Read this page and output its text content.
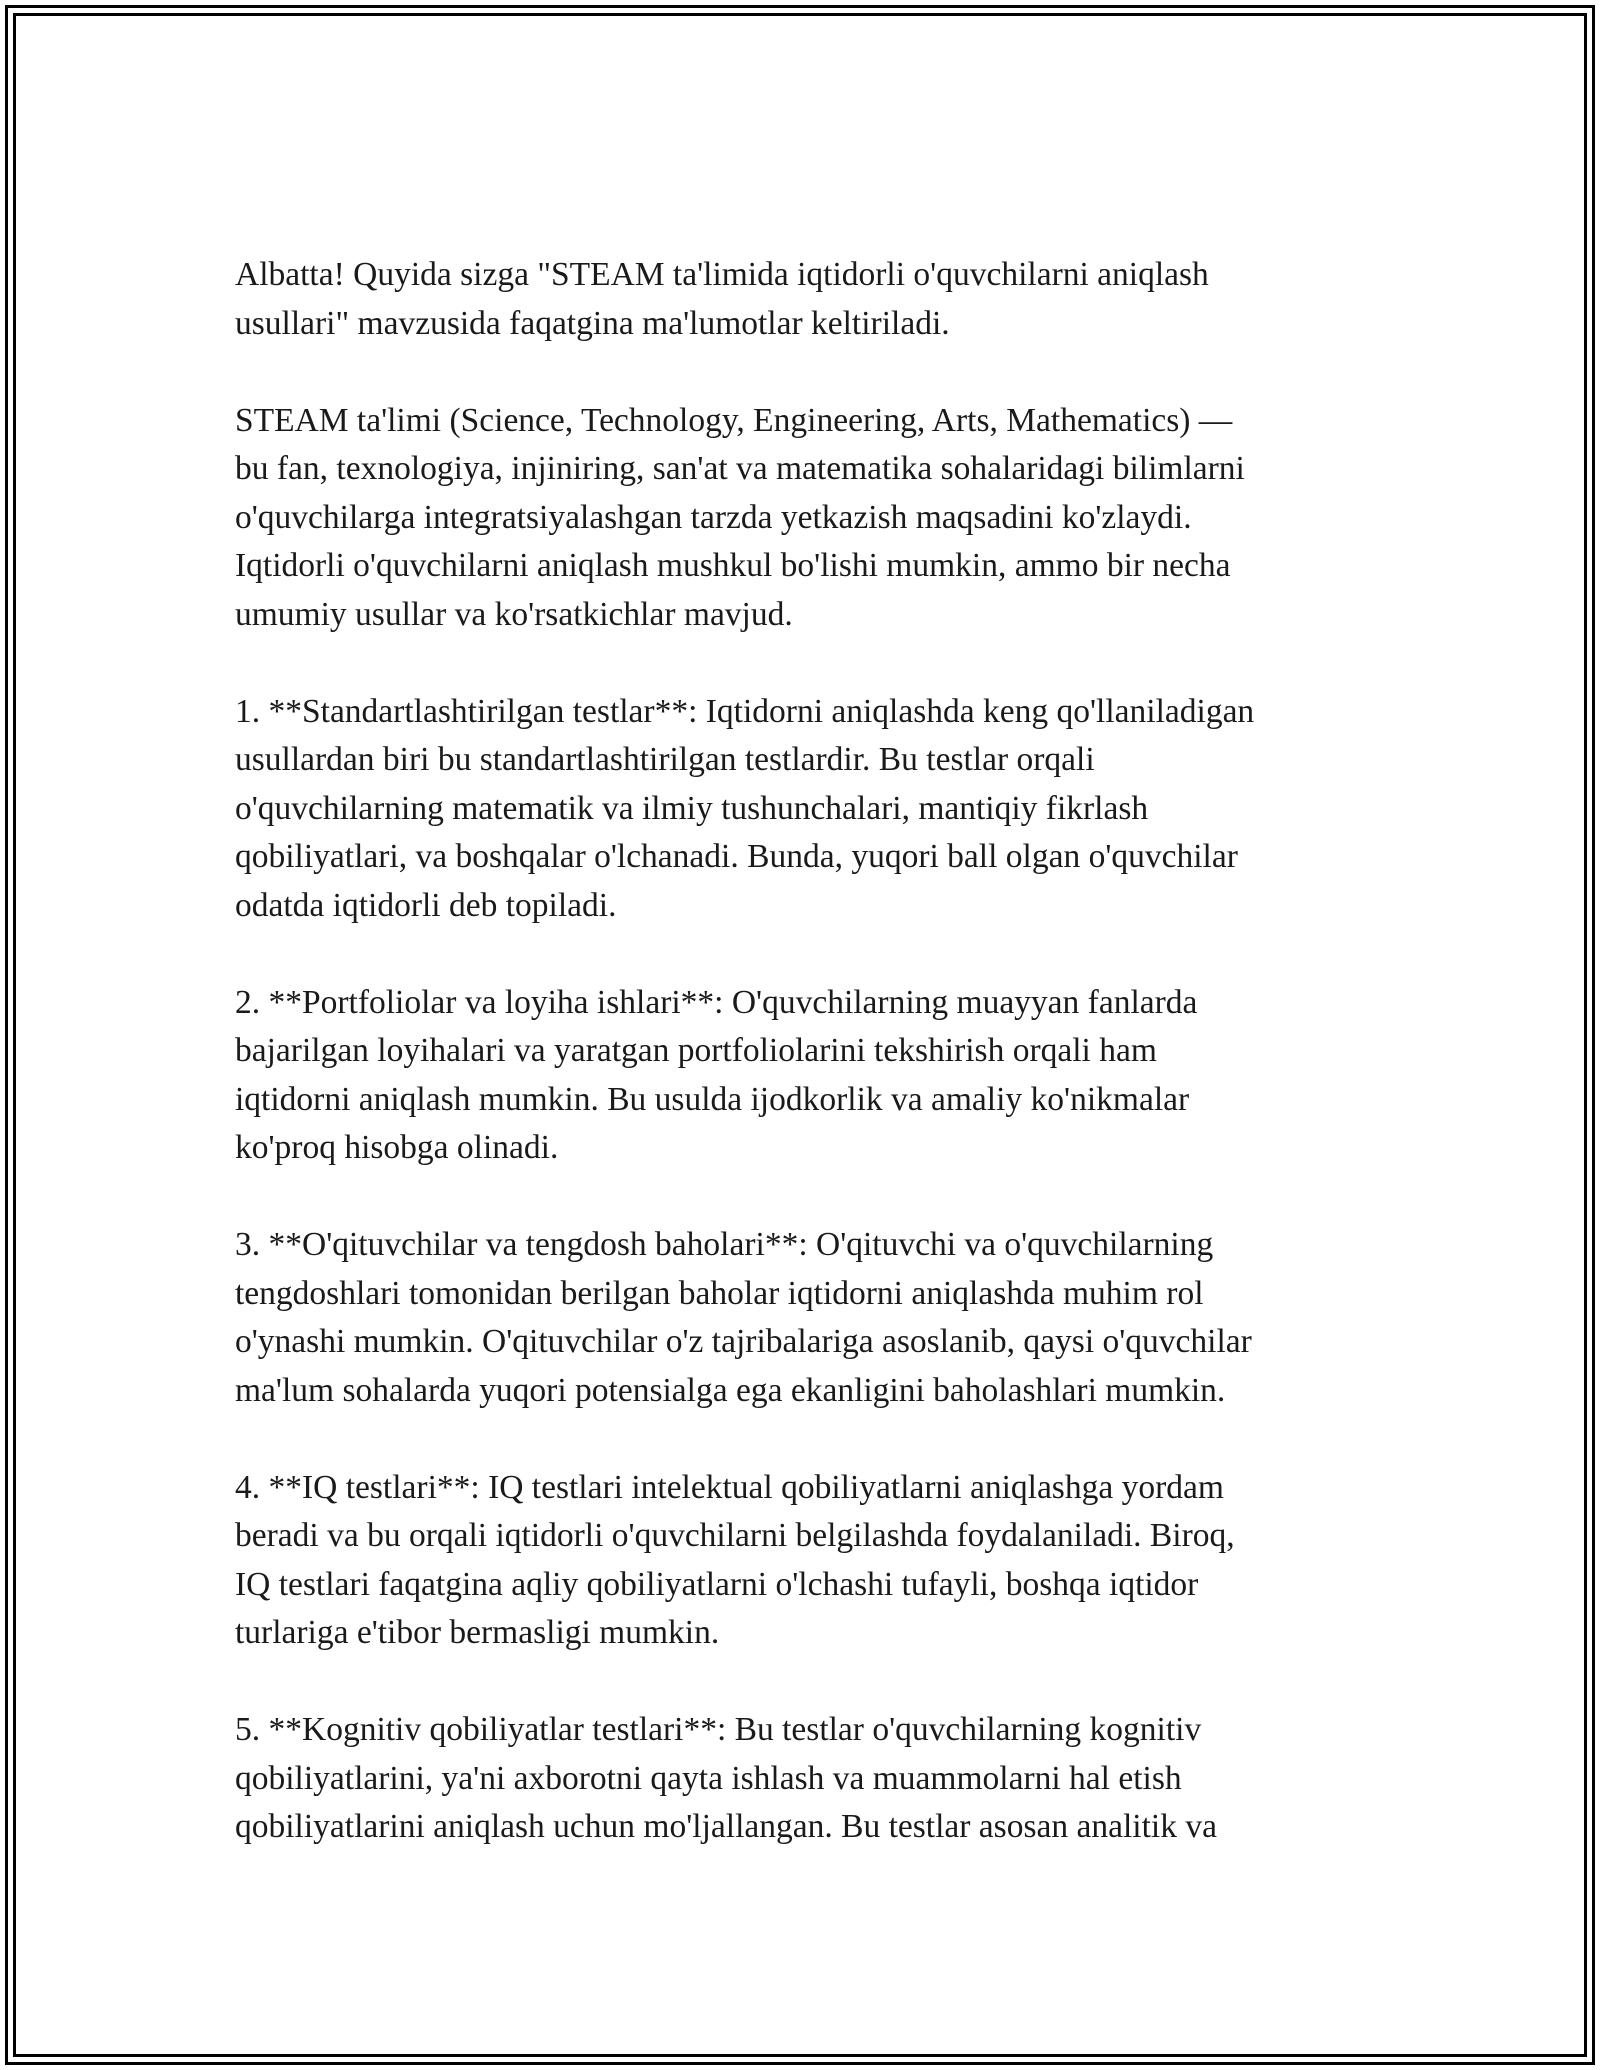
Albatta! Quyida sizga "STEAM ta'limida iqtidorli o'quvchilarni aniqlash
usullari" mavzusida faqatgina ma'lumotlar keltiriladi.

STEAM ta'limi (Science, Technology, Engineering, Arts, Mathematics) —
bu fan, texnologiya, injiniring, san'at va matematika sohalaridagi bilimlarni
o'quvchilarga integratsiyalashgan tarzda yetkazish maqsadini ko'zlaydi.
Iqtidorli o'quvchilarni aniqlash mushkul bo'lishi mumkin, ammo bir necha
umumiy usullar va ko'rsatkichlar mavjud.

1. **Standartlashtirilgan testlar**: Iqtidorni aniqlashda keng qo'llaniladigan
usullardan biri bu standartlashtirilgan testlardir. Bu testlar orqali
o'quvchilarning matematik va ilmiy tushunchalari, mantiqiy fikrlash
qobiliyatlari, va boshqalar o'lchanadi. Bunda, yuqori ball olgan o'quvchilar
odatda iqtidorli deb topiladi.

2. **Portfoliolar va loyiha ishlari**: O'quvchilarning muayyan fanlarda
bajarilgan loyihalari va yaratgan portfoliolarini tekshirish orqali ham
iqtidorni aniqlash mumkin. Bu usulda ijodkorlik va amaliy ko'nikmalar
ko'proq hisobga olinadi.

3. **O'qituvchilar va tengdosh baholari**: O'qituvchi va o'quvchilarning
tengdoshlari tomonidan berilgan baholar iqtidorni aniqlashda muhim rol
o'ynashi mumkin. O'qituvchilar o'z tajribalariga asoslanib, qaysi o'quvchilar
ma'lum sohalarda yuqori potensialga ega ekanligini baholashlari mumkin.

4. **IQ testlari**: IQ testlari intelektual qobiliyatlarni aniqlashga yordam
beradi va bu orqali iqtidorli o'quvchilarni belgilashda foydalaniladi. Biroq,
IQ testlari faqatgina aqliy qobiliyatlarni o'lchashi tufayli, boshqa iqtidor
turlariga e'tibor bermasligi mumkin.

5. **Kognitiv qobiliyatlar testlari**: Bu testlar o'quvchilarning kognitiv
qobiliyatlarini, ya'ni axborotni qayta ishlash va muammolarni hal etish
qobiliyatlarini aniqlash uchun mo'ljallangan. Bu testlar asosan analitik va
